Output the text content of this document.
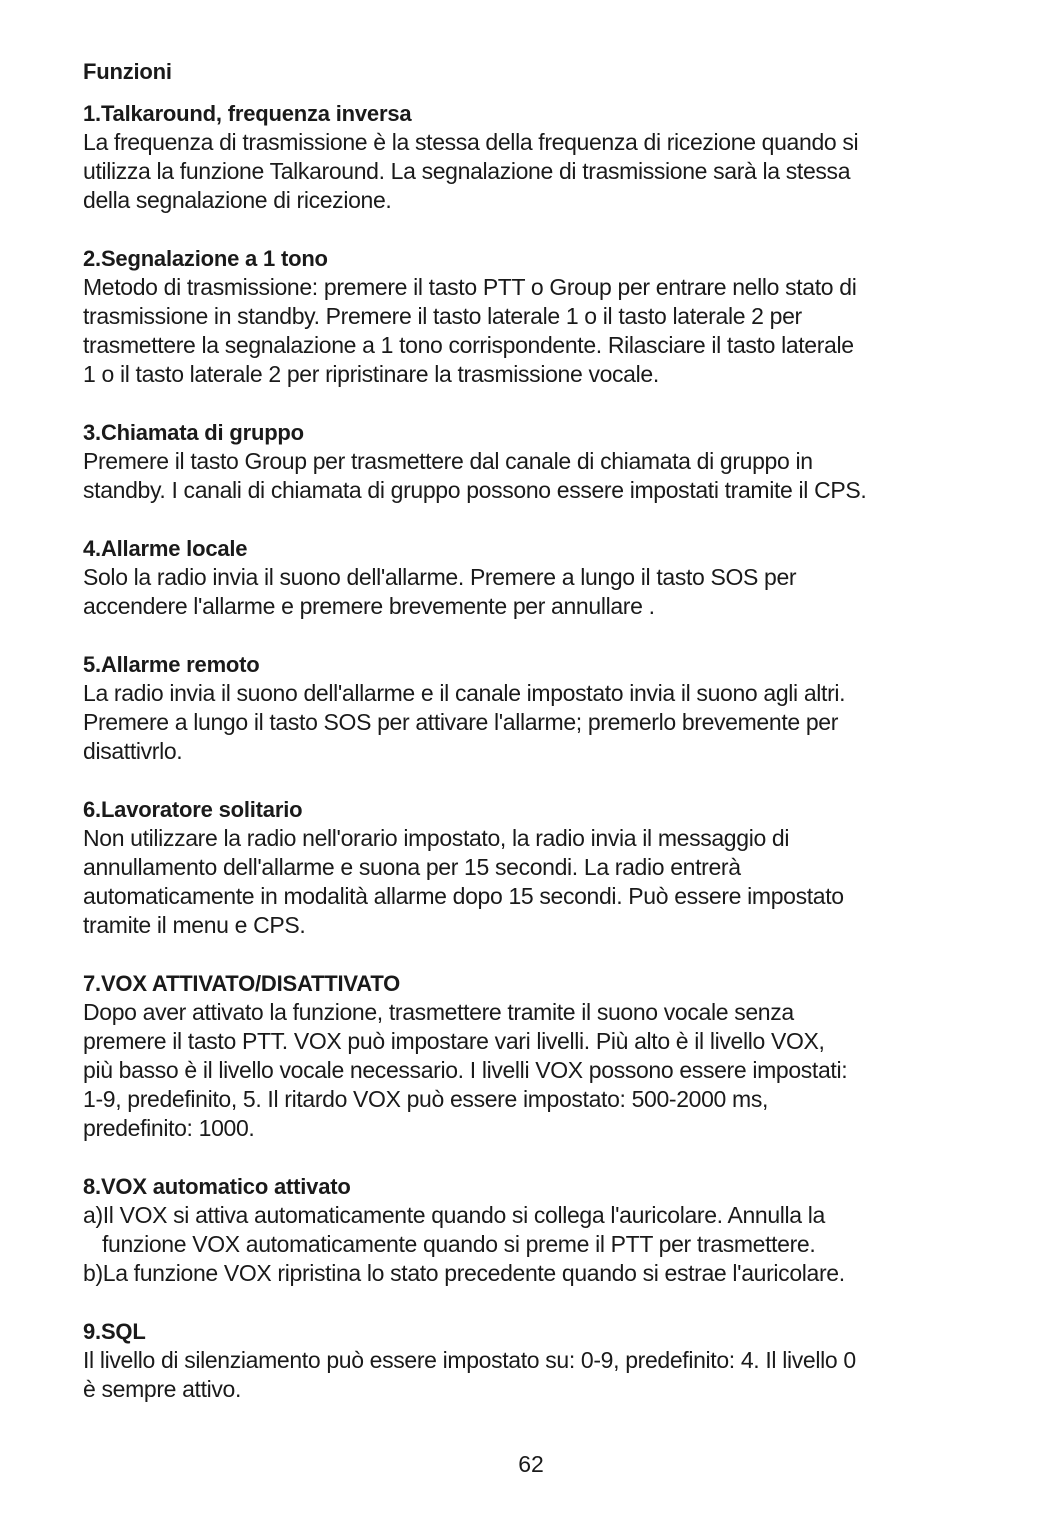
Funzioni
1.Talkaround, frequenza inversa

La frequenza di trasmissione è la stessa della frequenza di ricezione quando si

utilizza la funzione Talkaround. La segnalazione di trasmissione sarà la stessa

della segnalazione di ricezione.

2.Segnalazione a 1 tono

Metodo di trasmissione: premere il tasto PTT o Group per entrare nello stato di

trasmissione in standby. Premere il tasto laterale 1 o il tasto laterale 2 per

trasmettere la segnalazione a 1 tono corrispondente. Rilasciare il tasto laterale

1 o il tasto laterale 2 per ripristinare la trasmissione vocale.

3.Chiamata di gruppo

Premere il tasto Group per trasmettere dal canale di chiamata di gruppo in

standby. I canali di chiamata di gruppo possono essere impostati tramite il CPS.

4.Allarme locale

Solo la radio invia il suono dell'allarme. Premere a lungo il tasto SOS per

accendere l'allarme e premere brevemente per annullare .

5.Allarme remoto

La radio invia il suono dell'allarme e il canale impostato invia il suono agli altri.

Premere a lungo il tasto SOS per attivare l'allarme; premerlo brevemente per

disattivrlo.

6.Lavoratore solitario

Non utilizzare la radio nell'orario impostato, la radio invia il messaggio di

annullamento dell'allarme e suona per 15 secondi. La radio entrerà

automaticamente in modalità allarme dopo 15 secondi. Può essere impostato

tramite il menu e CPS.

7.VOX ATTIVATO/DISATTIVATO

Dopo aver attivato la funzione, trasmettere tramite il suono vocale senza

premere il tasto PTT. VOX può impostare vari livelli. Più alto è il livello VOX,

più basso è il livello vocale necessario. I livelli VOX possono essere impostati:

1-9, predefinito, 5. Il ritardo VOX può essere impostato: 500-2000 ms,

predefinito: 1000.

8.VOX automatico attivato

a)Il VOX si attiva automaticamente quando si collega l'auricolare. Annulla la

funzione VOX automaticamente quando si preme il PTT per trasmettere.

b)La funzione VOX ripristina lo stato precedente quando si estrae l'auricolare.

9.SQL

Il livello di silenziamento può essere impostato su: 0-9, predefinito: 4. Il livello 0

è sempre attivo.

62
